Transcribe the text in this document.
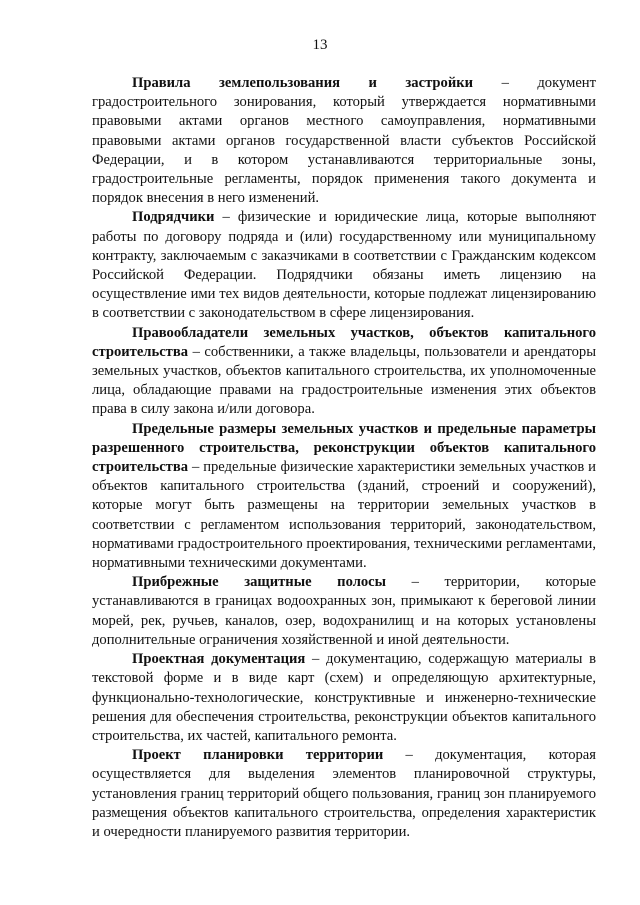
13

Правила землепользования и застройки – документ градостроительного зонирования, который утверждается нормативными правовыми актами органов местного самоуправления, нормативными правовыми актами органов государственной власти субъектов Российской Федерации, и в котором устанавливаются территориальные зоны, градостроительные регламенты, порядок применения такого документа и порядок внесения в него изменений.

Подрядчики – физические и юридические лица, которые выполняют работы по договору подряда и (или) государственному или муниципальному контракту, заключаемым с заказчиками в соответствии с Гражданским кодексом Российской Федерации. Подрядчики обязаны иметь лицензию на осуществление ими тех видов деятельности, которые подлежат лицензированию в соответствии с законодательством в сфере лицензирования.

Правообладатели земельных участков, объектов капитального строительства – собственники, а также владельцы, пользователи и арендаторы земельных участков, объектов капитального строительства, их уполномоченные лица, обладающие правами на градостроительные изменения этих объектов права в силу закона и/или договора.

Предельные размеры земельных участков и предельные параметры разрешенного строительства, реконструкции объектов капитального строительства – предельные физические характеристики земельных участков и объектов капитального строительства (зданий, строений и сооружений), которые могут быть размещены на территории земельных участков в соответствии с регламентом использования территорий, законодательством, нормативами градостроительного проектирования, техническими регламентами, нормативными техническими документами.

Прибрежные защитные полосы – территории, которые устанавливаются в границах водоохранных зон, примыкают к береговой линии морей, рек, ручьев, каналов, озер, водохранилищ и на которых установлены дополнительные ограничения хозяйственной и иной деятельности.

Проектная документация – документацию, содержащую материалы в текстовой форме и в виде карт (схем) и определяющую архитектурные, функционально-технологические, конструктивные и инженерно-технические решения для обеспечения строительства, реконструкции объектов капитального строительства, их частей, капитального ремонта.

Проект планировки территории – документация, которая осуществляется для выделения элементов планировочной структуры, установления границ территорий общего пользования, границ зон планируемого размещения объектов капитального строительства, определения характеристик и очередности планируемого развития территории.
